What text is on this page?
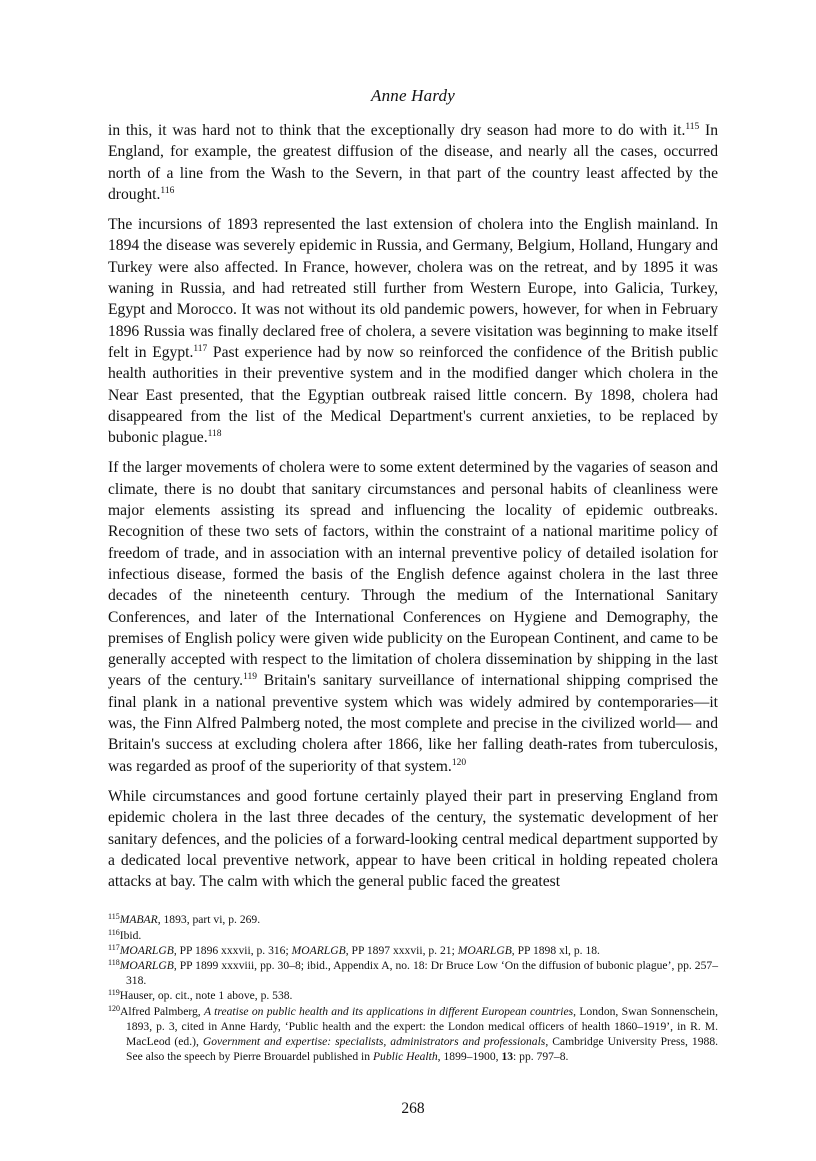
Anne Hardy

in this, it was hard not to think that the exceptionally dry season had more to do with it.$^{115}$ In England, for example, the greatest diffusion of the disease, and nearly all the cases, occurred north of a line from the Wash to the Severn, in that part of the country least affected by the drought.$^{116}$

The incursions of 1893 represented the last extension of cholera into the English mainland. In 1894 the disease was severely epidemic in Russia, and Germany, Belgium, Holland, Hungary and Turkey were also affected. In France, however, cholera was on the retreat, and by 1895 it was waning in Russia, and had retreated still further from Western Europe, into Galicia, Turkey, Egypt and Morocco. It was not without its old pandemic powers, however, for when in February 1896 Russia was finally declared free of cholera, a severe visitation was beginning to make itself felt in Egypt.$^{117}$ Past experience had by now so reinforced the confidence of the British public health authorities in their preventive system and in the modified danger which cholera in the Near East presented, that the Egyptian outbreak raised little concern. By 1898, cholera had disappeared from the list of the Medical Department's current anxieties, to be replaced by bubonic plague.$^{118}$

If the larger movements of cholera were to some extent determined by the vagaries of season and climate, there is no doubt that sanitary circumstances and personal habits of cleanliness were major elements assisting its spread and influencing the locality of epidemic outbreaks. Recognition of these two sets of factors, within the constraint of a national maritime policy of freedom of trade, and in association with an internal preventive policy of detailed isolation for infectious disease, formed the basis of the English defence against cholera in the last three decades of the nineteenth century. Through the medium of the International Sanitary Conferences, and later of the International Conferences on Hygiene and Demography, the premises of English policy were given wide publicity on the European Continent, and came to be generally accepted with respect to the limitation of cholera dissemination by shipping in the last years of the century.$^{119}$ Britain's sanitary surveillance of international shipping comprised the final plank in a national preventive system which was widely admired by contemporaries—it was, the Finn Alfred Palmberg noted, the most complete and precise in the civilized world— and Britain's success at excluding cholera after 1866, like her falling death-rates from tuberculosis, was regarded as proof of the superiority of that system.$^{120}$

While circumstances and good fortune certainly played their part in preserving England from epidemic cholera in the last three decades of the century, the systematic development of her sanitary defences, and the policies of a forward-looking central medical department supported by a dedicated local preventive network, appear to have been critical in holding repeated cholera attacks at bay. The calm with which the general public faced the greatest

$^{115}$MABAR, 1893, part vi, p. 269.

$^{116}$Ibid.

$^{117}$MOARLGB, PP 1896 xxxvii, p. 316; MOARLGB, PP 1897 xxxvii, p. 21; MOARLGB, PP 1898 xl, p. 18.

$^{118}$MOARLGB, PP 1899 xxxviii, pp. 30–8; ibid., Appendix A, no. 18: Dr Bruce Low ‘On the diffusion of bubonic plague’, pp. 257–318.

$^{119}$Hauser, op. cit., note 1 above, p. 538.

$^{120}$Alfred Palmberg, A treatise on public health and its applications in different European countries, London, Swan Sonnenschein, 1893, p. 3, cited in Anne Hardy, ‘Public health and the expert: the London medical officers of health 1860–1919’, in R. M. MacLeod (ed.), Government and expertise: specialists, administrators and professionals, Cambridge University Press, 1988. See also the speech by Pierre Brouardel published in Public Health, 1899–1900, 13: pp. 797–8.

268
